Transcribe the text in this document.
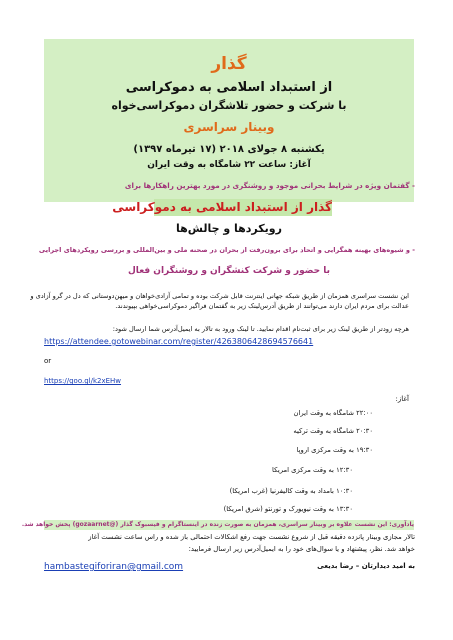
گذار
از استبداد اسلامی به دموکراسی
با شرکت و حضور تلاشگران دموکراسی‌خواه
وبینار سراسری
یکشنبه ۸ جولای ۲۰۱۸ (۱۷ تیرماه ۱۳۹۷)
آغاز: ساعت ۲۲ شامگاه به وقت ایران
- گفتمان ویژه در شرایط بحرانی موجود و روشنگری در مورد بهترین راهکارها برای
گذار از استبداد اسلامی به دموکراسی
رویکردها و چالش‌ها
- و شیوه‌های بهینه همگرایی و اتحاد برای برون‌رفت از بحران در صحنه ملی و بین‌المللی و بررسی رویکردهای اجرایی
با حضور و شرکت کنشگران و روشنگران فعال
این نشست سراسری همزمان از طریق شبکه جهانی اینترنت قابل شرکت بوده و تمامی آزادی‌خواهان و میهن‌دوستانی که دل در گرو آزادی و
عدالت برای مردم ایران دارند می‌توانند از طریق آدرس‌لینک زیر به گفتمان فراگیر دموکراسی‌خواهی بپیوندند.
هرچه زودتر از طریق لینک زیر برای ثبت‌نام اقدام نمایید. تا لینک ورود به تالار به ایمیل‌آدرس شما ارسال شود:
https://attendee.gotowebinar.com/register/4263806428694576641
or
https://goo.gl/k2xEHw
آغاز:
۲۲:۰۰ شامگاه به وقت ایران
۲۰:۳۰ شامگاه به وقت ترکیه
۱۹:۳۰ به وقت مرکزی اروپا
۱۲:۳۰ به وقت مرکزی امریکا
۱۰:۳۰ بامداد به وقت کالیفرنیا (غرب امریکا)
۱۳:۳۰ به وقت نیویورک و تورنتو (شرق امریکا)
یادآوری: این نشست علاوه بر وبینار سراسری، همزمان به صورت زنده در اینستاگرام و فیسبوک گذار (@gozaarnet) پخش خواهد شد.
تالار مجازی وبینار پانزده دقیقه قبل از شروع نشست جهت رفع اشکالات احتمالی باز شده و راس ساعت نشست آغاز
خواهد شد. نظر، پیشنهاد و یا سوال‌های خود را به ایمیل‌آدرس زیر ارسال فرمایید:
به امید دیدارتان – رضا بدیعی
hambastegiforiran@gmail.com
